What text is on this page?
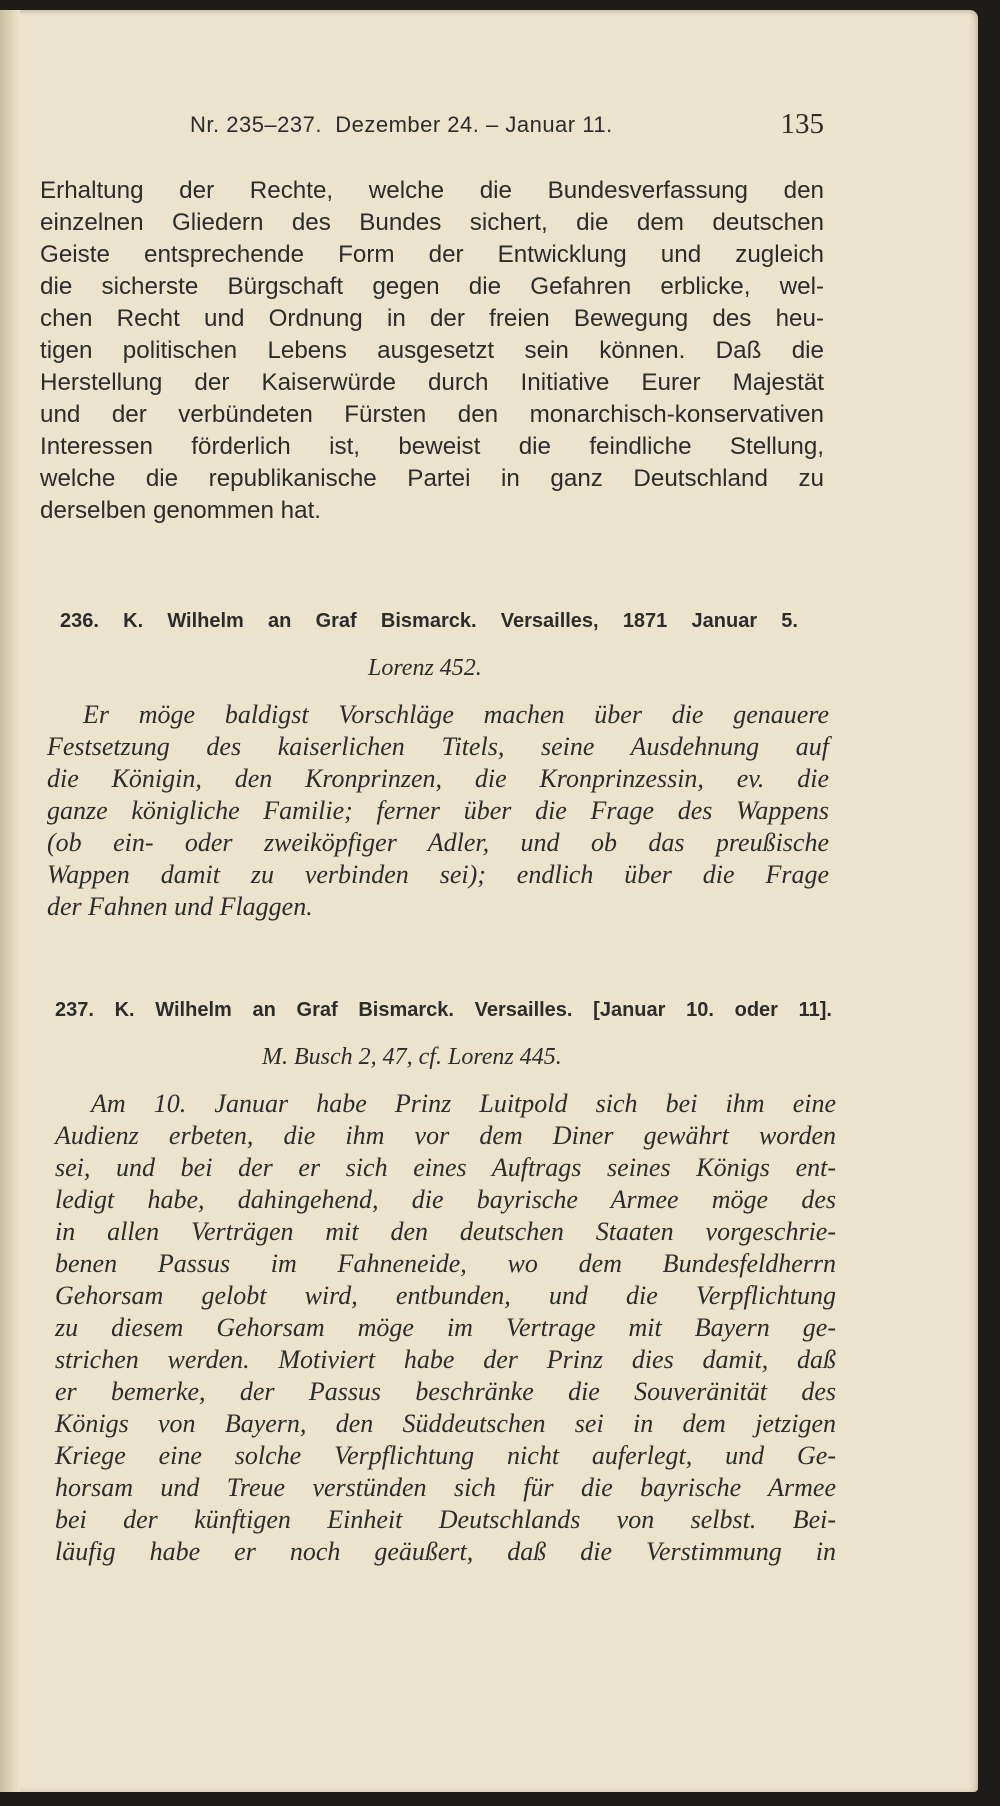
Nr. 235–237.  Dezember 24. – Januar 11.	135
Erhaltung der Rechte, welche die Bundesverfassung den
einzelnen Gliedern des Bundes sichert, die dem deutschen
Geiste entsprechende Form der Entwicklung und zugleich
die sicherste Bürgschaft gegen die Gefahren erblicke, wel-
chen Recht und Ordnung in der freien Bewegung des heu-
tigen politischen Lebens ausgesetzt sein können. Daß die
Herstellung der Kaiserwürde durch Initiative Eurer Majestät
und der verbündeten Fürsten den monarchisch-konservativen
Interessen förderlich ist, beweist die feindliche Stellung,
welche die republikanische Partei in ganz Deutschland zu
derselben genommen hat.
236. K. Wilhelm an Graf Bismarck. Versailles, 1871 Januar 5.
Lorenz 452.
Er möge baldigst Vorschläge machen über die genauere
Festsetzung des kaiserlichen Titels, seine Ausdehnung auf
die Königin, den Kronprinzen, die Kronprinzessin, ev. die
ganze königliche Familie; ferner über die Frage des Wappens
(ob ein- oder zweiköpfiger Adler, und ob das preußische
Wappen damit zu verbinden sei); endlich über die Frage
der Fahnen und Flaggen.
237. K. Wilhelm an Graf Bismarck. Versailles. [Januar 10. oder 11].
M. Busch 2, 47, cf. Lorenz 445.
Am 10. Januar habe Prinz Luitpold sich bei ihm eine
Audienz erbeten, die ihm vor dem Diner gewährt worden
sei, und bei der er sich eines Auftrags seines Königs ent-
ledigt habe, dahingehend, die bayrische Armee möge des
in allen Verträgen mit den deutschen Staaten vorgeschrie-
benen Passus im Fahneneide, wo dem Bundesfeldherrn
Gehorsam gelobt wird, entbunden, und die Verpflichtung
zu diesem Gehorsam möge im Vertrage mit Bayern ge-
strichen werden. Motiviert habe der Prinz dies damit, daß
er bemerke, der Passus beschränke die Souveränität des
Königs von Bayern, den Süddeutschen sei in dem jetzigen
Kriege eine solche Verpflichtung nicht auferlegt, und Ge-
horsam und Treue verstünden sich für die bayrische Armee
bei der künftigen Einheit Deutschlands von selbst. Bei-
läufig habe er noch geäußert, daß die Verstimmung in
